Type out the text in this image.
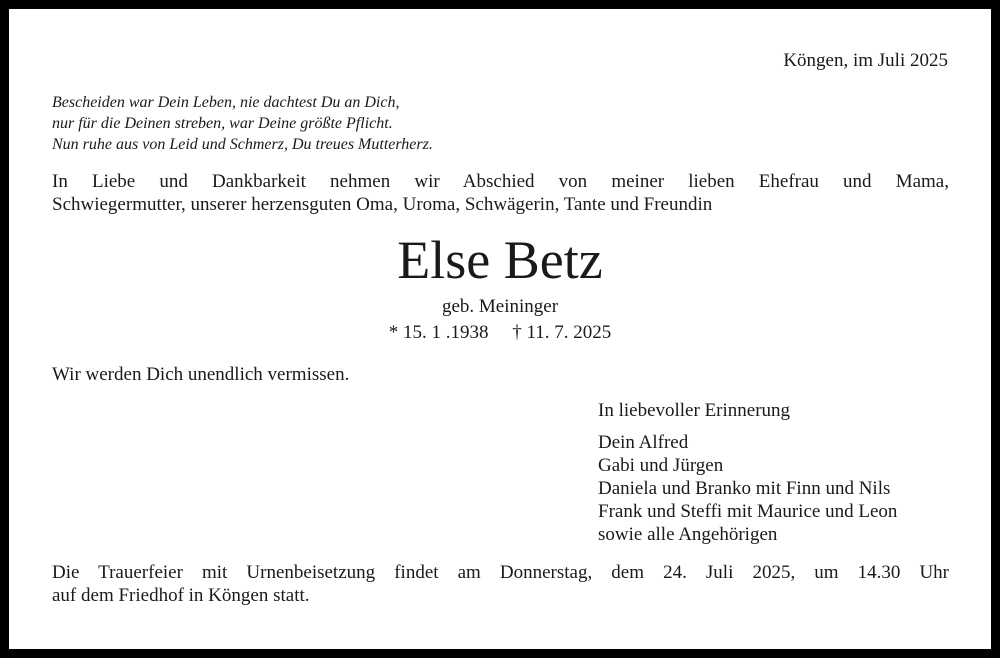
Köngen, im Juli 2025
Bescheiden war Dein Leben, nie dachtest Du an Dich,
nur für die Deinen streben, war Deine größte Pflicht.
Nun ruhe aus von Leid und Schmerz, Du treues Mutterherz.
In Liebe und Dankbarkeit nehmen wir Abschied von meiner lieben Ehefrau und Mama,
Schwiegermutter, unserer herzensguten Oma, Uroma, Schwägerin, Tante und Freundin
Else Betz
geb. Meininger
* 15. 1 .1938     † 11. 7. 2025
Wir werden Dich unendlich vermissen.
In liebevoller Erinnerung
Dein Alfred
Gabi und Jürgen
Daniela und Branko mit Finn und Nils
Frank und Steffi mit Maurice und Leon
sowie alle Angehörigen
Die Trauerfeier mit Urnenbeisetzung findet am Donnerstag, dem 24. Juli 2025, um 14.30 Uhr
auf dem Friedhof in Köngen statt.
